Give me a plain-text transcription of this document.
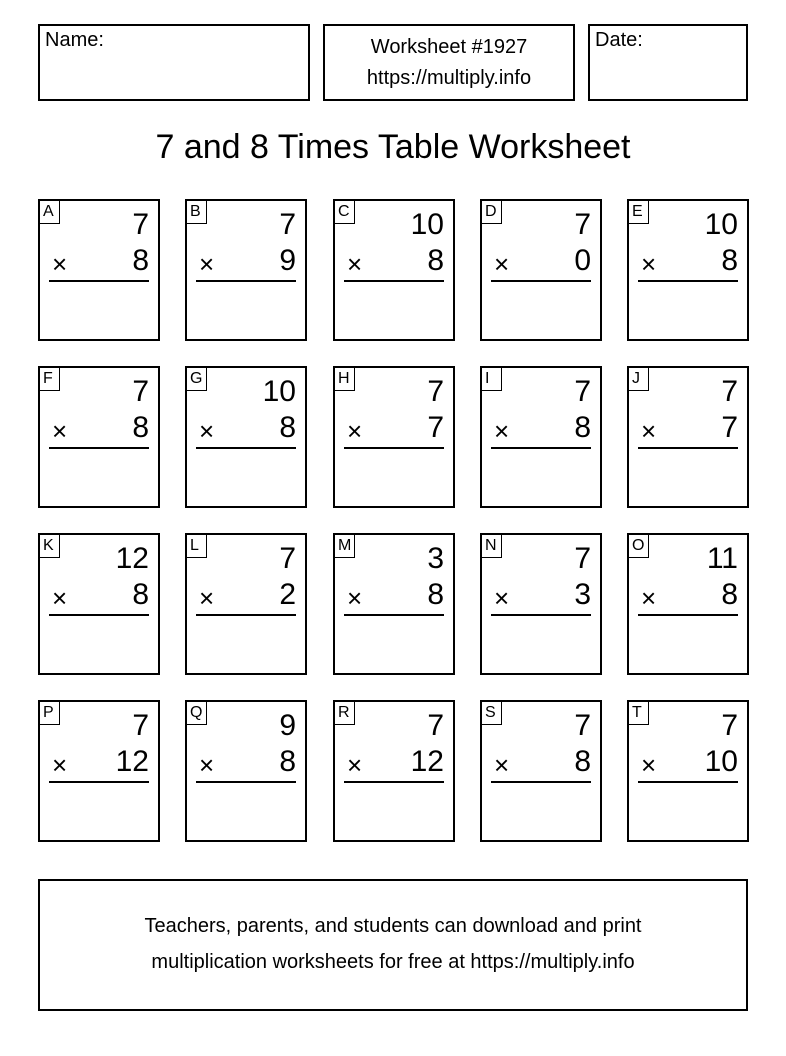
Name:	Worksheet #1927
https://multiply.info
Date:
7 and 8 Times Table Worksheet
A	7
× 8
B	7
× 9
C 10
× 8
D	7
× 0
E 10
× 8
F	7
× 8
G 10
× 8
H	7
× 7
I	7
× 8
J	7
× 7
K 12
× 8
L	7
× 2
M	3
× 8
N	7
× 3
O 11
× 8
P	7
× 12
Q	9
× 8
R	7
× 12
S	7
× 8
T	7
× 10
Teachers, parents, and students can download and print
multiplication worksheets for free at https://multiply.info
